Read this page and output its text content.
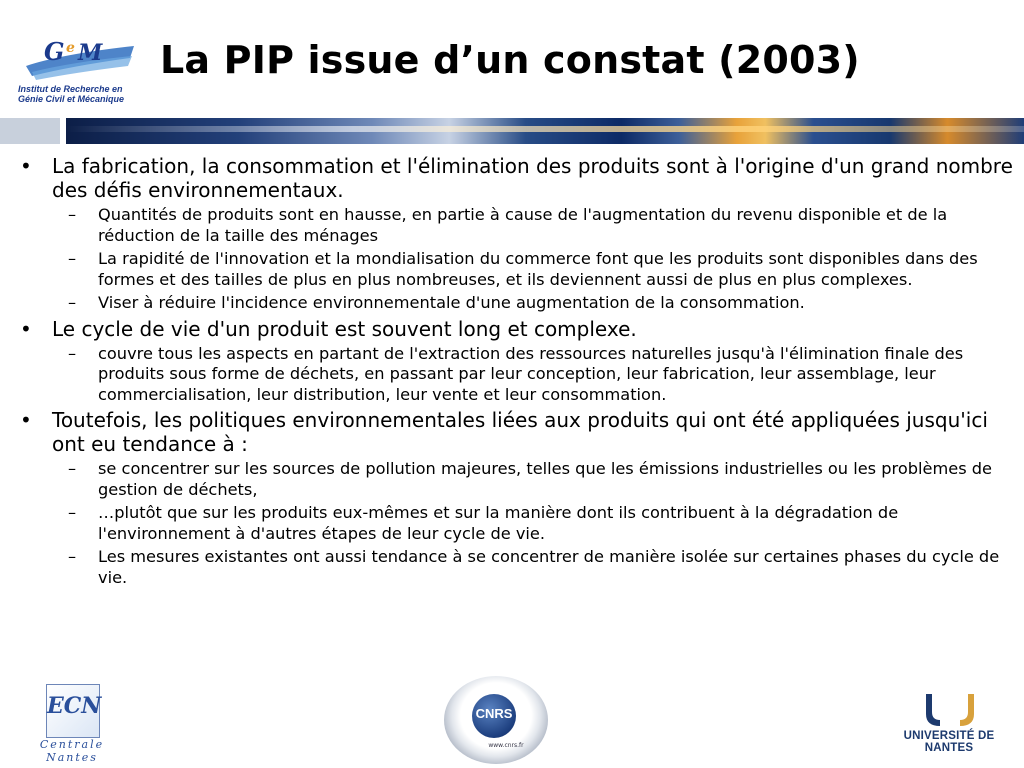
G e M
Institut de Recherche en
Génie Civil et Mécanique
La PIP issue d’un constat (2003)
• La fabrication, la consommation et l'élimination des produits sont à l'origine d'un grand nombre des défis environnementaux.
– Quantités de produits sont en hausse, en partie à cause de l'augmentation du revenu disponible et de la réduction de la taille des ménages
– La rapidité de l'innovation et la mondialisation du commerce font que les produits sont disponibles dans des formes et des tailles de plus en plus nombreuses, et ils deviennent aussi de plus en plus complexes.
– Viser à réduire l'incidence environnementale d'une augmentation de la consommation.
• Le cycle de vie d'un produit est souvent long et complexe.
– couvre tous les aspects en partant de l'extraction des ressources naturelles jusqu'à l'élimination finale des produits sous forme de déchets, en passant par leur conception, leur fabrication, leur assemblage, leur commercialisation, leur distribution, leur vente et leur consommation.
• Toutefois, les politiques environnementales liées aux produits qui ont été appliquées jusqu'ici ont eu tendance à :
– se concentrer sur les sources de pollution majeures, telles que les émissions industrielles ou les problèmes de gestion de déchets,
– …plutôt que sur les produits eux-mêmes et sur la manière dont ils contribuent à la dégradation de l'environnement à d'autres étapes de leur cycle de vie.
– Les mesures existantes ont aussi tendance à se concentrer de manière isolée sur certaines phases du cycle de vie.
ECN
Centrale
Nantes
CNRS
www.cnrs.fr
UNIVERSITÉ DE NANTES
